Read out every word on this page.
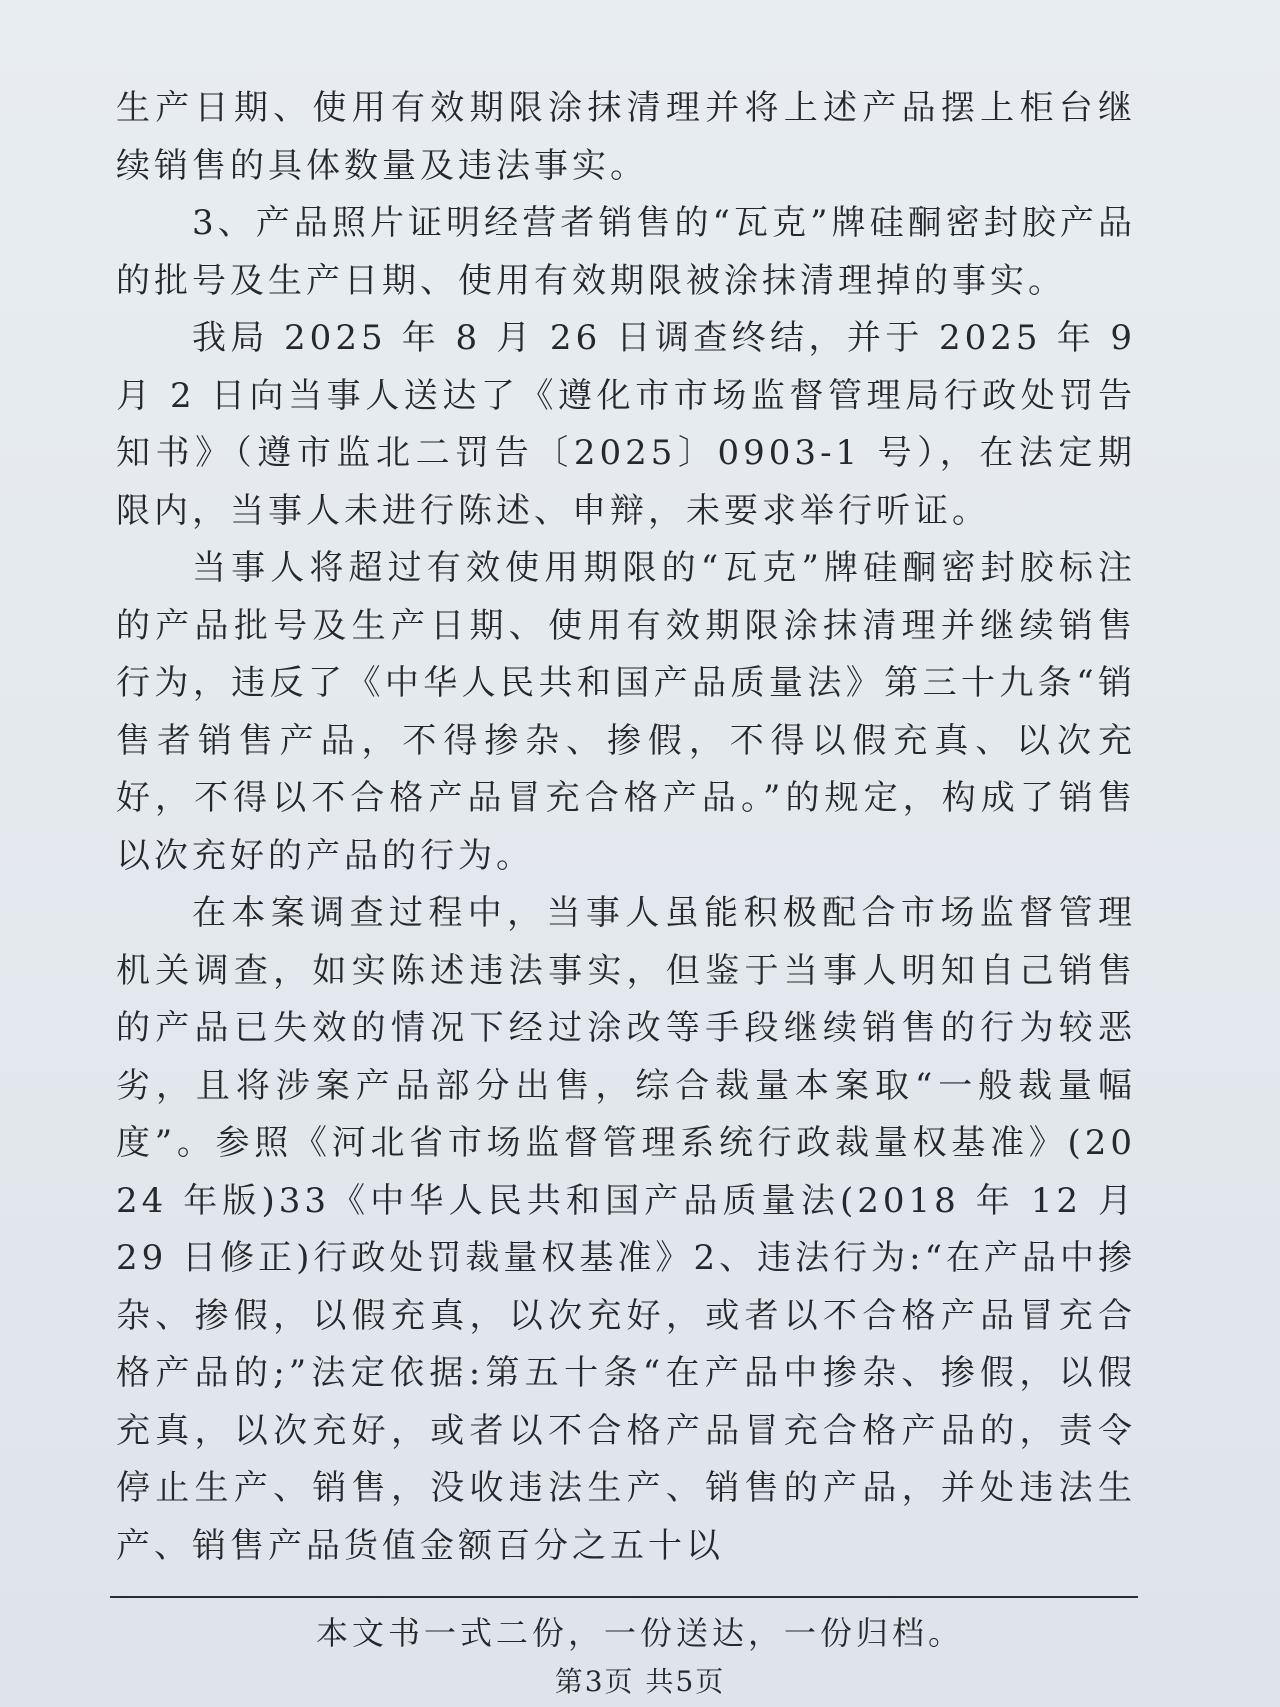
生产日期、使用有效期限涂抹清理并将上述产品摆上柜台继续销售的具体数量及违法事实。

3、产品照片证明经营者销售的“瓦克”牌硅酮密封胶产品的批号及生产日期、使用有效期限被涂抹清理掉的事实。

我局 2025 年 8 月 26 日调查终结，并于 2025 年 9 月 2 日向当事人送达了《遵化市市场监督管理局行政处罚告知书》（遵市监北二罚告〔2025〕0903-1 号），在法定期限内，当事人未进行陈述、申辩，未要求举行听证。

当事人将超过有效使用期限的“瓦克”牌硅酮密封胶标注的产品批号及生产日期、使用有效期限涂抹清理并继续销售行为，违反了《中华人民共和国产品质量法》第三十九条“销售者销售产品，不得掺杂、掺假，不得以假充真、以次充好，不得以不合格产品冒充合格产品。”的规定，构成了销售以次充好的产品的行为。

在本案调查过程中，当事人虽能积极配合市场监督管理机关调查，如实陈述违法事实，但鉴于当事人明知自己销售的产品已失效的情况下经过涂改等手段继续销售的行为较恶劣，且将涉案产品部分出售，综合裁量本案取“一般裁量幅度”。参照《河北省市场监督管理系统行政裁量权基准》(2024 年版)33《中华人民共和国产品质量法(2018 年 12 月 29 日修正)行政处罚裁量权基准》2、违法行为:“在产品中掺杂、掺假，以假充真，以次充好，或者以不合格产品冒充合格产品的;”法定依据:第五十条“在产品中掺杂、掺假，以假充真，以次充好，或者以不合格产品冒充合格产品的，责令停止生产、销售，没收违法生产、销售的产品，并处违法生产、销售产品货值金额百分之五十以

本文书一式二份，一份送达，一份归档。
第3页 共5页
